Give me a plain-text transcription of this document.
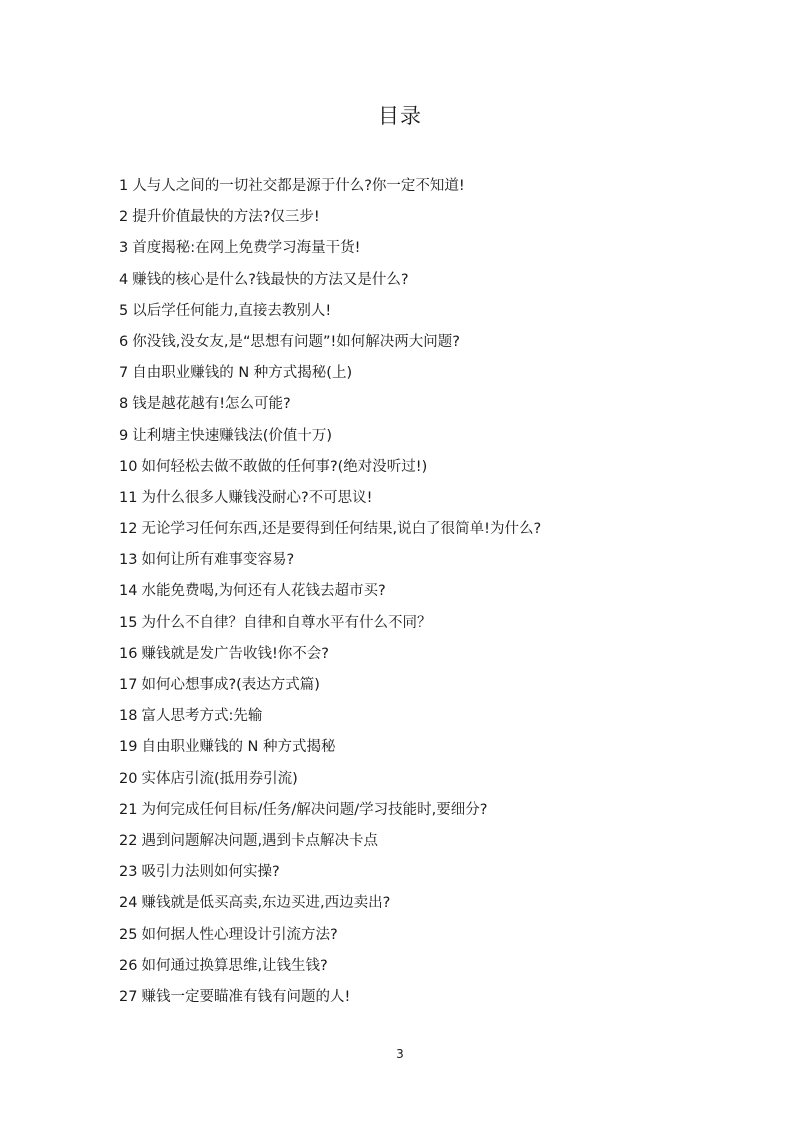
目录
1 人与人之间的一切社交都是源于什么?你一定不知道!
2 提升价值最快的方法?仅三步!
3 首度揭秘:在网上免费学习海量干货!
4 赚钱的核心是什么?钱最快的方法又是什么?
5 以后学任何能力,直接去教别人!
6 你没钱,没女友,是“思想有问题”!如何解决两大问题?
7 自由职业赚钱的 N 种方式揭秘(上)
8 钱是越花越有!怎么可能?
9 让利塘主快速赚钱法(价值十万)
10 如何轻松去做不敢做的任何事?(绝对没听过!)
11 为什么很多人赚钱没耐心?不可思议!
12 无论学习任何东西,还是要得到任何结果,说白了很简单!为什么?
13 如何让所有难事变容易?
14 水能免费喝,为何还有人花钱去超市买?
15 为什么不自律？自律和自尊水平有什么不同？
16 赚钱就是发广告收钱!你不会?
17 如何心想事成?(表达方式篇)
18 富人思考方式:先输
19 自由职业赚钱的 N 种方式揭秘
20 实体店引流(抵用券引流)
21 为何完成任何目标/任务/解决问题/学习技能时,要细分?
22 遇到问题解决问题,遇到卡点解决卡点
23 吸引力法则如何实操?
24 赚钱就是低买高卖,东边买进,西边卖出?
25 如何据人性心理设计引流方法?
26 如何通过换算思维,让钱生钱?
27 赚钱一定要瞄准有钱有问题的人!
3
